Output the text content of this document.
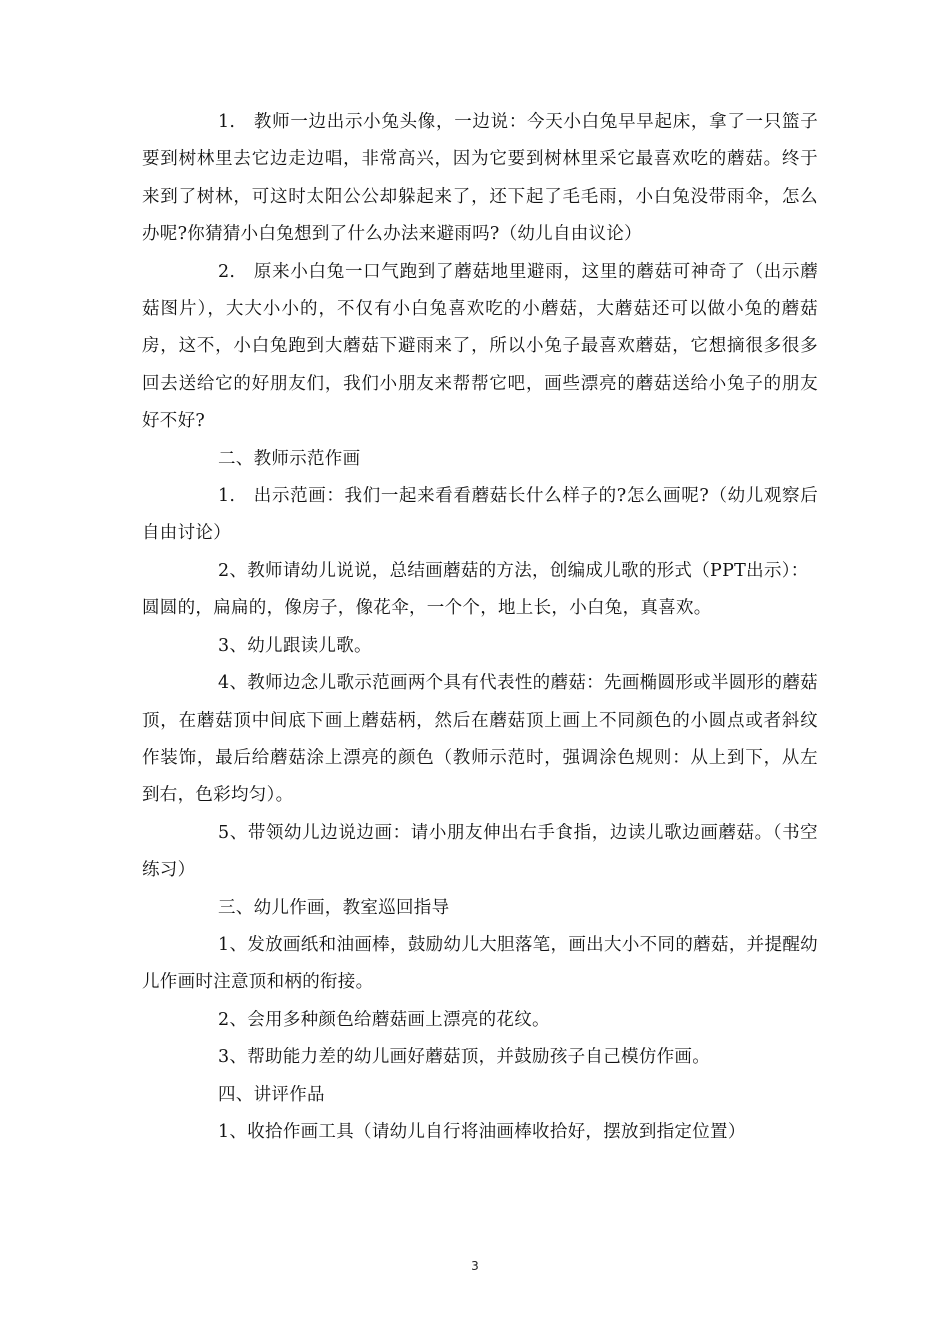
1.　教师一边出示小兔头像，一边说：今天小白兔早早起床，拿了一只篮子要到树林里去它边走边唱，非常高兴，因为它要到树林里采它最喜欢吃的蘑菇。终于来到了树林，可这时太阳公公却躲起来了，还下起了毛毛雨，小白兔没带雨伞，怎么办呢?你猜猜小白兔想到了什么办法来避雨吗?（幼儿自由议论）

2.　原来小白兔一口气跑到了蘑菇地里避雨，这里的蘑菇可神奇了（出示蘑菇图片），大大小小的，不仅有小白兔喜欢吃的小蘑菇，大蘑菇还可以做小兔的蘑菇房，这不，小白兔跑到大蘑菇下避雨来了，所以小兔子最喜欢蘑菇，它想摘很多很多回去送给它的好朋友们，我们小朋友来帮帮它吧，画些漂亮的蘑菇送给小兔子的朋友好不好?

二、教师示范作画

1.　出示范画：我们一起来看看蘑菇长什么样子的?怎么画呢?（幼儿观察后自由讨论）

2、教师请幼儿说说，总结画蘑菇的方法，创编成儿歌的形式（PPT出示）：

圆圆的，扁扁的，像房子，像花伞，一个个，地上长，小白兔，真喜欢。

3、幼儿跟读儿歌。

4、教师边念儿歌示范画两个具有代表性的蘑菇：先画椭圆形或半圆形的蘑菇顶，在蘑菇顶中间底下画上蘑菇柄，然后在蘑菇顶上画上不同颜色的小圆点或者斜纹作装饰，最后给蘑菇涂上漂亮的颜色（教师示范时，强调涂色规则：从上到下，从左到右，色彩均匀）。

5、带领幼儿边说边画：请小朋友伸出右手食指，边读儿歌边画蘑菇。（书空练习）

三、幼儿作画，教室巡回指导

1、发放画纸和油画棒，鼓励幼儿大胆落笔，画出大小不同的蘑菇，并提醒幼儿作画时注意顶和柄的衔接。

2、会用多种颜色给蘑菇画上漂亮的花纹。

3、帮助能力差的幼儿画好蘑菇顶，并鼓励孩子自己模仿作画。

四、讲评作品

1、收拾作画工具（请幼儿自行将油画棒收拾好，摆放到指定位置）

3
